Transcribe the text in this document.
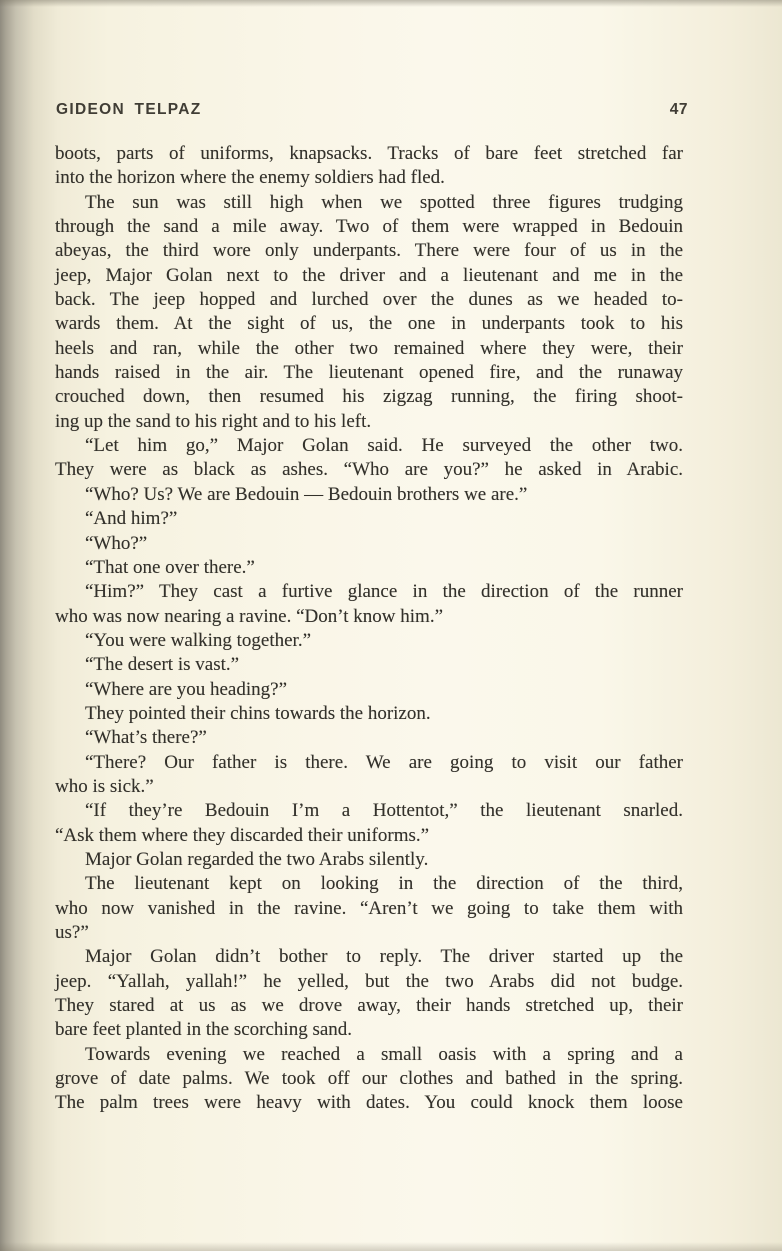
GIDEON TELPAZ	47
boots, parts of uniforms, knapsacks. Tracks of bare feet stretched far
into the horizon where the enemy soldiers had fled.
The sun was still high when we spotted three figures trudging
through the sand a mile away. Two of them were wrapped in Bedouin
abeyas, the third wore only underpants. There were four of us in the
jeep, Major Golan next to the driver and a lieutenant and me in the
back. The jeep hopped and lurched over the dunes as we headed to-
wards them. At the sight of us, the one in underpants took to his
heels and ran, while the other two remained where they were, their
hands raised in the air. The lieutenant opened fire, and the runaway
crouched down, then resumed his zigzag running, the firing shoot-
ing up the sand to his right and to his left.
“Let him go,” Major Golan said. He surveyed the other two.
They were as black as ashes. “Who are you?” he asked in Arabic.
“Who? Us? We are Bedouin — Bedouin brothers we are.”
“And him?”
“Who?”
“That one over there.”
“Him?” They cast a furtive glance in the direction of the runner
who was now nearing a ravine. “Don’t know him.”
“You were walking together.”
“The desert is vast.”
“Where are you heading?”
They pointed their chins towards the horizon.
“What’s there?”
“There? Our father is there. We are going to visit our father
who is sick.”
“If they’re Bedouin I’m a Hottentot,” the lieutenant snarled.
“Ask them where they discarded their uniforms.”
Major Golan regarded the two Arabs silently.
The lieutenant kept on looking in the direction of the third,
who now vanished in the ravine. “Aren’t we going to take them with
us?”
Major Golan didn’t bother to reply. The driver started up the
jeep. “Yallah, yallah!” he yelled, but the two Arabs did not budge.
They stared at us as we drove away, their hands stretched up, their
bare feet planted in the scorching sand.
Towards evening we reached a small oasis with a spring and a
grove of date palms. We took off our clothes and bathed in the spring.
The palm trees were heavy with dates. You could knock them loose
